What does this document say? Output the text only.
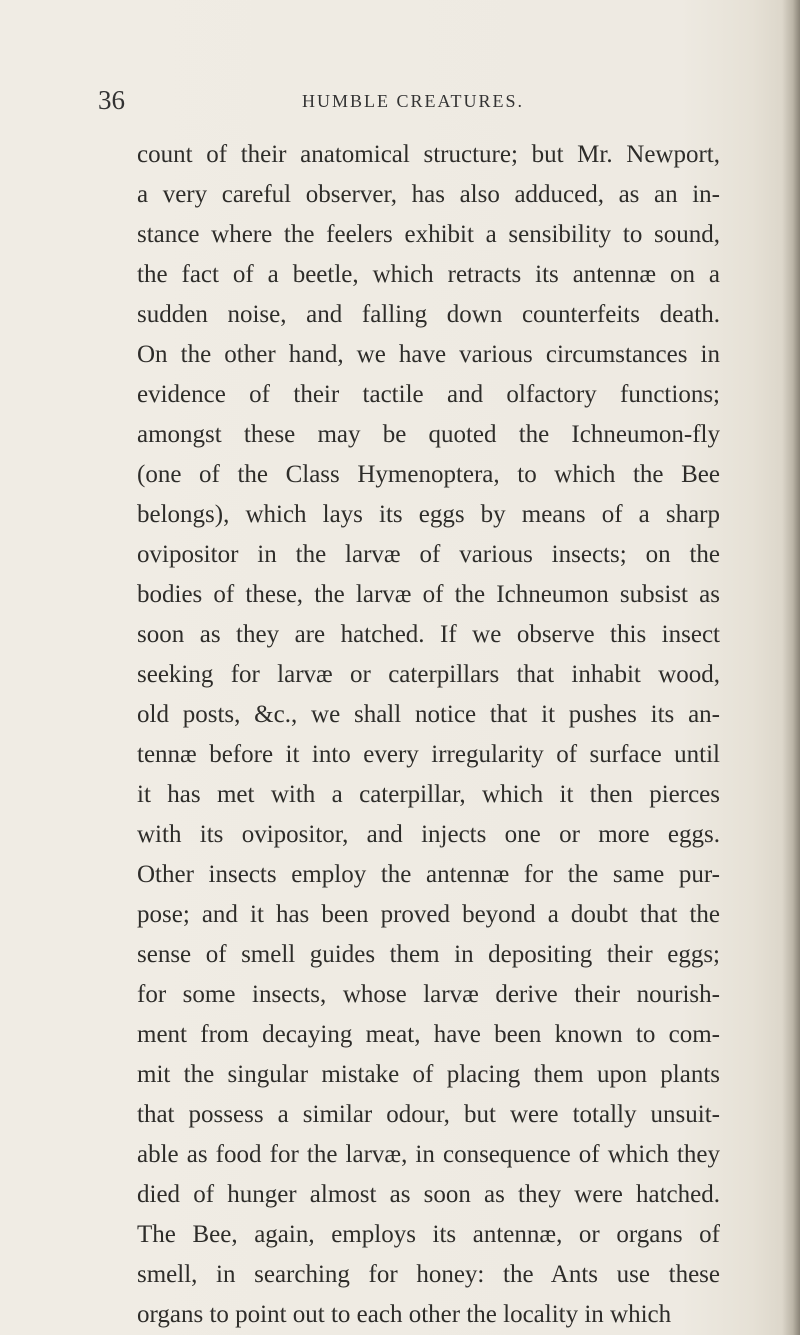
36	HUMBLE CREATURES.
count of their anatomical structure; but Mr. Newport,
a very careful observer, has also adduced, as an in-
stance where the feelers exhibit a sensibility to sound,
the fact of a beetle, which retracts its antennæ on a
sudden noise, and falling down counterfeits death.
On the other hand, we have various circumstances in
evidence of their tactile and olfactory functions;
amongst these may be quoted the Ichneumon-fly
(one of the Class Hymenoptera, to which the Bee
belongs), which lays its eggs by means of a sharp
ovipositor in the larvæ of various insects; on the
bodies of these, the larvæ of the Ichneumon subsist as
soon as they are hatched. If we observe this insect
seeking for larvæ or caterpillars that inhabit wood,
old posts, &c., we shall notice that it pushes its an-
tennæ before it into every irregularity of surface until
it has met with a caterpillar, which it then pierces
with its ovipositor, and injects one or more eggs.
Other insects employ the antennæ for the same pur-
pose; and it has been proved beyond a doubt that the
sense of smell guides them in depositing their eggs;
for some insects, whose larvæ derive their nourish-
ment from decaying meat, have been known to com-
mit the singular mistake of placing them upon plants
that possess a similar odour, but were totally unsuit-
able as food for the larvæ, in consequence of which they
died of hunger almost as soon as they were hatched.
The Bee, again, employs its antennæ, or organs of
smell, in searching for honey: the Ants use these
organs to point out to each other the locality in which
